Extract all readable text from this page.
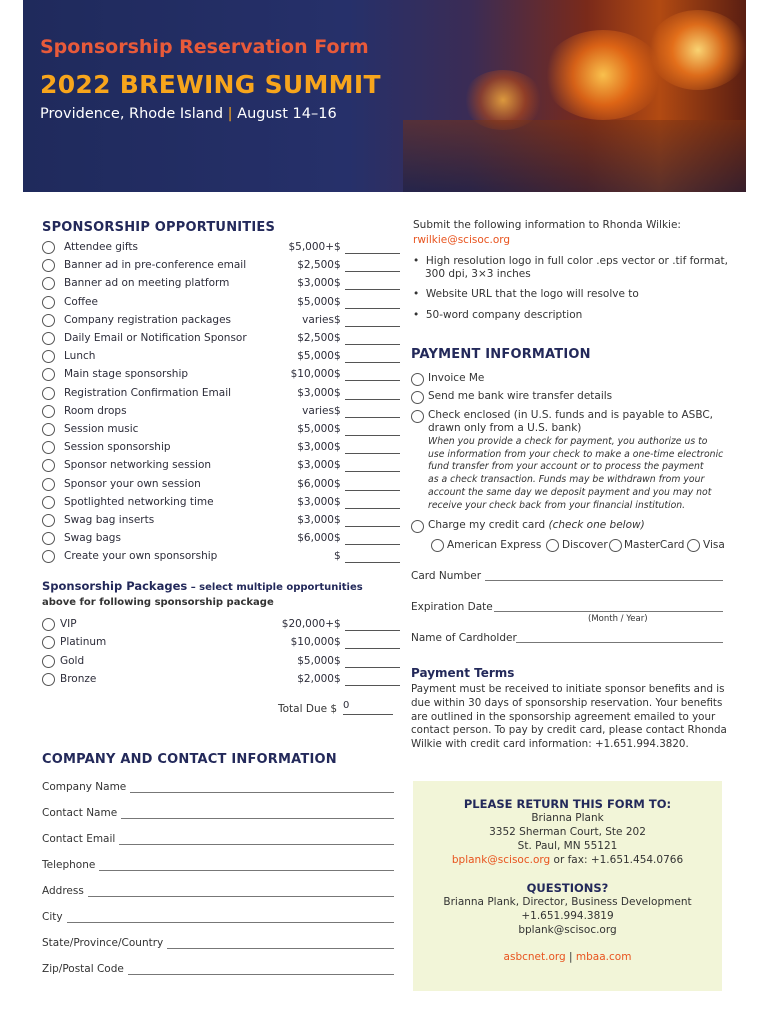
Sponsorship Reservation Form
2022 BREWING SUMMIT
Providence, Rhode Island | August 14–16
SPONSORSHIP OPPORTUNITIES
Attendee gifts	$5,000+ $
Banner ad in pre-conference email	$2,500 $
Banner ad on meeting platform	$3,000 $
Coffee	$5,000 $
Company registration packages	varies $
Daily Email or Notification Sponsor	$2,500 $
Lunch	$5,000 $
Main stage sponsorship	$10,000 $
Registration Confirmation Email	$3,000 $
Room drops	varies $
Session music	$5,000 $
Session sponsorship	$3,000 $
Sponsor networking session	$3,000 $
Sponsor your own session	$6,000 $
Spotlighted networking time	$3,000 $
Swag bag inserts	$3,000 $
Swag bags	$6,000 $
Create your own sponsorship	$
Sponsorship Packages – select multiple opportunities
above for following sponsorship package
VIP	$20,000+ $
Platinum	$10,000 $
Gold	$5,000 $
Bronze	$2,000 $
Total Due $ 0
COMPANY AND CONTACT INFORMATION
Company Name
Contact Name
Contact Email
Telephone
Address
City
State/Province/Country
Zip/Postal Code
Submit the following information to Rhonda Wilkie:
rwilkie@scisoc.org
•  High resolution logo in full color .eps vector or .tif format,
300 dpi, 3×3 inches
•  Website URL that the logo will resolve to
•  50-word company description
PAYMENT INFORMATION
Invoice Me
Send me bank wire transfer details
Check enclosed (in U.S. funds and is payable to ASBC,
drawn only from a U.S. bank)
When you provide a check for payment, you authorize us to
use information from your check to make a one-time electronic
fund transfer from your account or to process the payment
as a check transaction. Funds may be withdrawn from your
account the same day we deposit payment and you may not
receive your check back from your financial institution.
Charge my credit card (check one below)
American Express Discover MasterCard Visa
Card Number
Expiration Date
(Month / Year)
Name of Cardholder
Payment Terms
Payment must be received to initiate sponsor benefits and is
due within 30 days of sponsorship reservation. Your benefits
are outlined in the sponsorship agreement emailed to your
contact person. To pay by credit card, please contact Rhonda
Wilkie with credit card information: +1.651.994.3820.
PLEASE RETURN THIS FORM TO:
Brianna Plank
3352 Sherman Court, Ste 202
St. Paul, MN 55121
bplank@scisoc.org or fax: +1.651.454.0766
QUESTIONS?
Brianna Plank, Director, Business Development
+1.651.994.3819
bplank@scisoc.org
asbcnet.org | mbaa.com
